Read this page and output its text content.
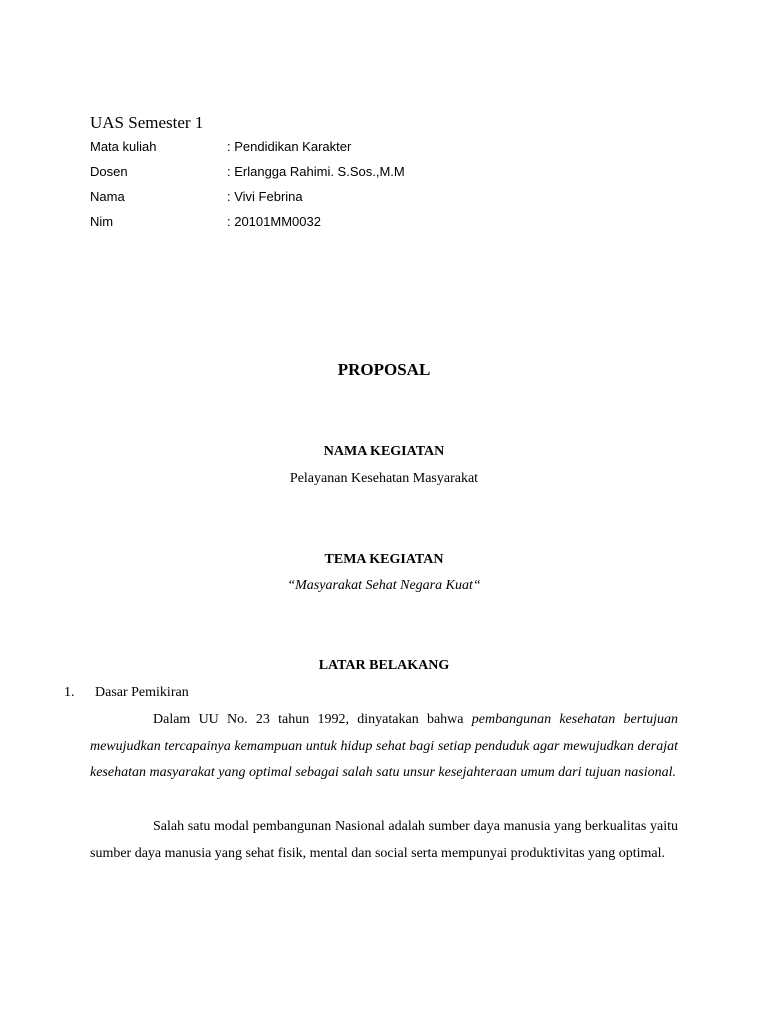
UAS Semester 1
Mata kuliah	: Pendidikan Karakter
Dosen	: Erlangga Rahimi. S.Sos.,M.M
Nama	: Vivi Febrina
Nim	: 20101MM0032
PROPOSAL
NAMA KEGIATAN
Pelayanan Kesehatan Masyarakat
TEMA KEGIATAN
“Masyarakat Sehat Negara Kuat“
LATAR BELAKANG
1.	Dasar Pemikiran
Dalam UU No. 23 tahun 1992, dinyatakan bahwa pembangunan kesehatan bertujuan mewujudkan tercapainya kemampuan untuk hidup sehat bagi setiap penduduk agar mewujudkan derajat kesehatan masyarakat yang optimal sebagai salah satu unsur kesejahteraan umum dari tujuan nasional.
Salah satu modal pembangunan Nasional adalah sumber daya manusia yang berkualitas yaitu sumber daya manusia yang sehat fisik, mental dan social serta mempunyai produktivitas yang optimal.
